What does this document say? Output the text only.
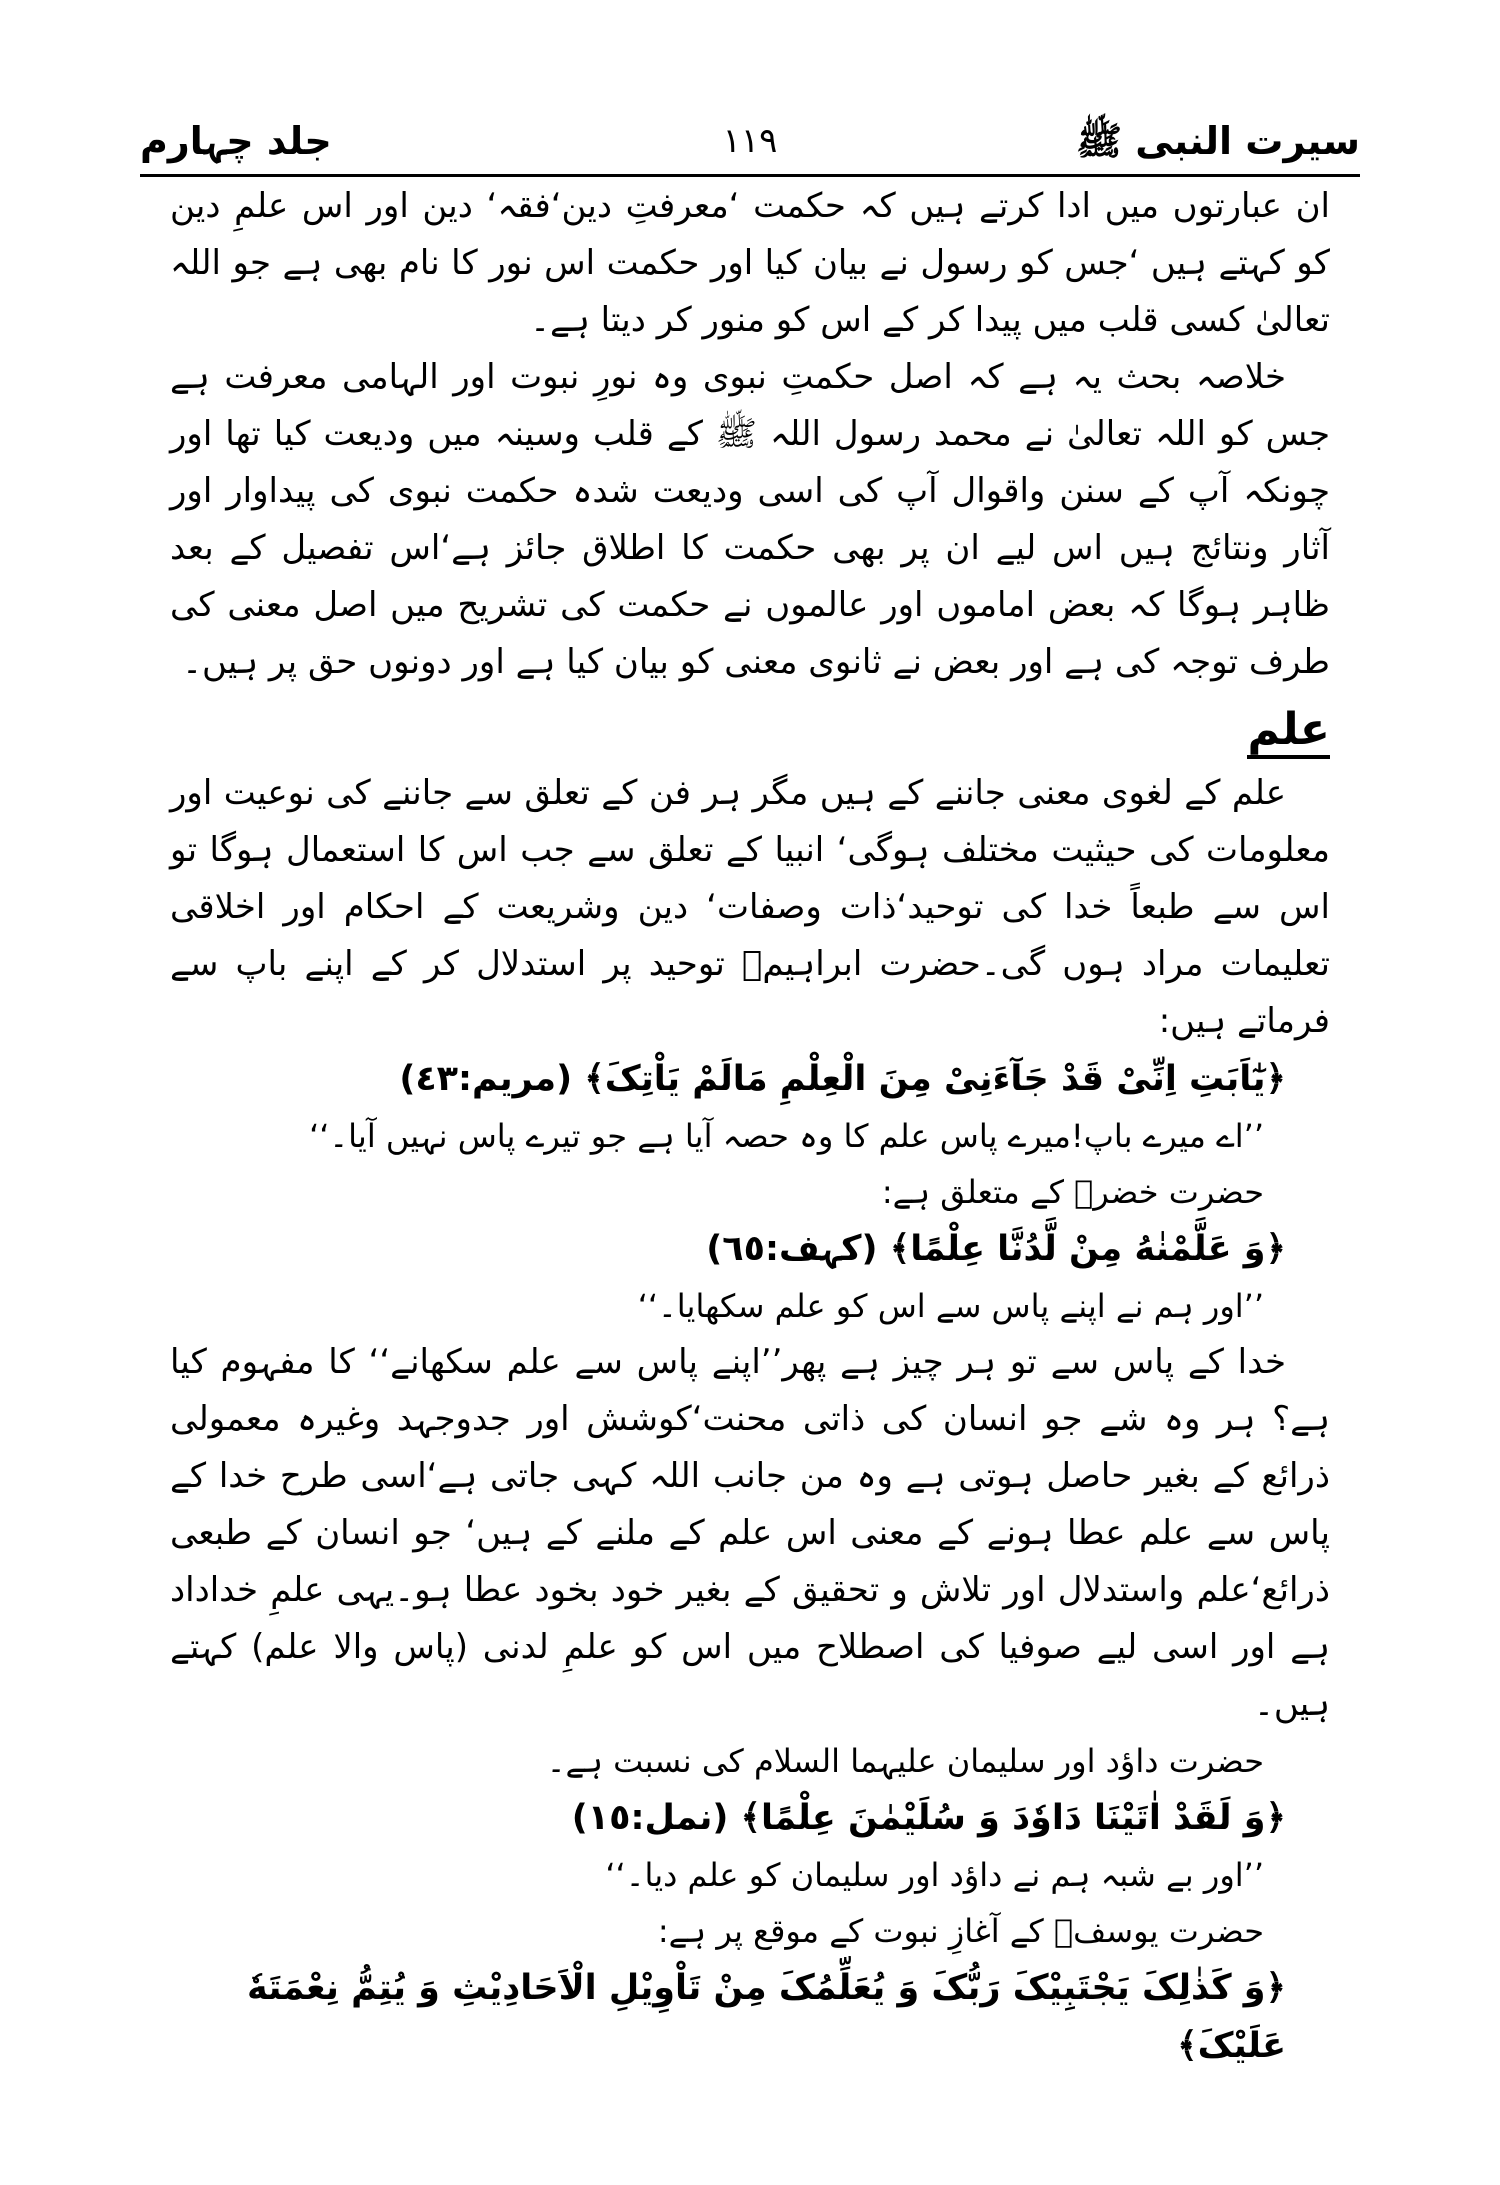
١١٩
جلد چہارم	سیرت النبی ﷺ

ان عبارتوں میں ادا کرتے ہیں کہ حکمت ‘معرفتِ دین‘فقہ‘ دین اور اس علمِ دین کو کہتے ہیں ‘جس کو رسول نے بیان کیا اور حکمت اس نور کا نام بھی ہے جو اللہ تعالیٰ کسی قلب میں پیدا کر کے اس کو منور کر دیتا ہے۔

خلاصہ بحث یہ ہے کہ اصل حکمتِ نبوی وہ نورِ نبوت اور الہامی معرفت ہے جس کو اللہ تعالیٰ نے محمد رسول اللہ ﷺ کے قلب وسینہ میں ودیعت کیا تھا اور چونکہ آپ کے سنن واقوال آپ کی اسی ودیعت شدہ حکمت نبوی کی پیداوار اور آثار ونتائج ہیں اس لیے ان پر بھی حکمت کا اطلاق جائز ہے‘اس تفصیل کے بعد ظاہر ہوگا کہ بعض اماموں اور عالموں نے حکمت کی تشریح میں اصل معنی کی طرف توجہ کی ہے اور بعض نے ثانوی معنی کو بیان کیا ہے اور دونوں حق پر ہیں۔

علم

علم کے لغوی معنی جاننے کے ہیں مگر ہر فن کے تعلق سے جاننے کی نوعیت اور معلومات کی حیثیت مختلف ہوگی‘ انبیا کے تعلق سے جب اس کا استعمال ہوگا تو اس سے طبعاً خدا کی توحید‘ذات وصفات‘ دین وشریعت کے احکام اور اخلاقی تعلیمات مراد ہوں گی۔حضرت ابراہیمؑ توحید پر استدلال کر کے اپنے باپ سے فرماتے ہیں:

﴿یٰٓاَبَتِ اِنِّیْ قَدْ جَآءَنِیْ مِنَ الْعِلْمِ مَالَمْ یَاْتِکَ﴾ (مریم:٤٣)
’’اے میرے باپ!میرے پاس علم کا وہ حصہ آیا ہے جو تیرے پاس نہیں آیا۔‘‘
حضرت خضرؑ کے متعلق ہے:
﴿وَ عَلَّمْنٰهُ مِنْ لَّدُنَّا عِلْمًا﴾ (کہف:٦٥)
’’اور ہم نے اپنے پاس سے اس کو علم سکھایا۔‘‘

خدا کے پاس سے تو ہر چیز ہے پھر’’اپنے پاس سے علم سکھانے‘‘ کا مفہوم کیا ہے؟ ہر وہ شے جو انسان کی ذاتی محنت‘کوشش اور جدوجہد وغیرہ معمولی ذرائع کے بغیر حاصل ہوتی ہے وہ من جانب اللہ کہی جاتی ہے‘اسی طرح خدا کے پاس سے علم عطا ہونے کے معنی اس علم کے ملنے کے ہیں‘ جو انسان کے طبعی ذرائع‘علم واستدلال اور تلاش و تحقیق کے بغیر خود بخود عطا ہو۔یہی علمِ خداداد ہے اور اسی لیے صوفیا کی اصطلاح میں اس کو علمِ لدنی (پاس والا علم) کہتے ہیں۔

حضرت داؤد اور سلیمان علیہما السلام کی نسبت ہے۔
﴿وَ لَقَدْ اٰتَیْنَا دَاوٗدَ وَ سُلَیْمٰنَ عِلْمًا﴾ (نمل:١٥)
’’اور بے شبہ ہم نے داؤد اور سلیمان کو علم دیا۔‘‘
حضرت یوسفؑ کے آغازِ نبوت کے موقع پر ہے:
﴿وَ کَذٰلِکَ یَجْتَبِیْکَ رَبُّکَ وَ یُعَلِّمُکَ مِنْ تَاْوِیْلِ الْاَحَادِیْثِ وَ یُتِمُّ نِعْمَتَهٗ عَلَیْکَ﴾
